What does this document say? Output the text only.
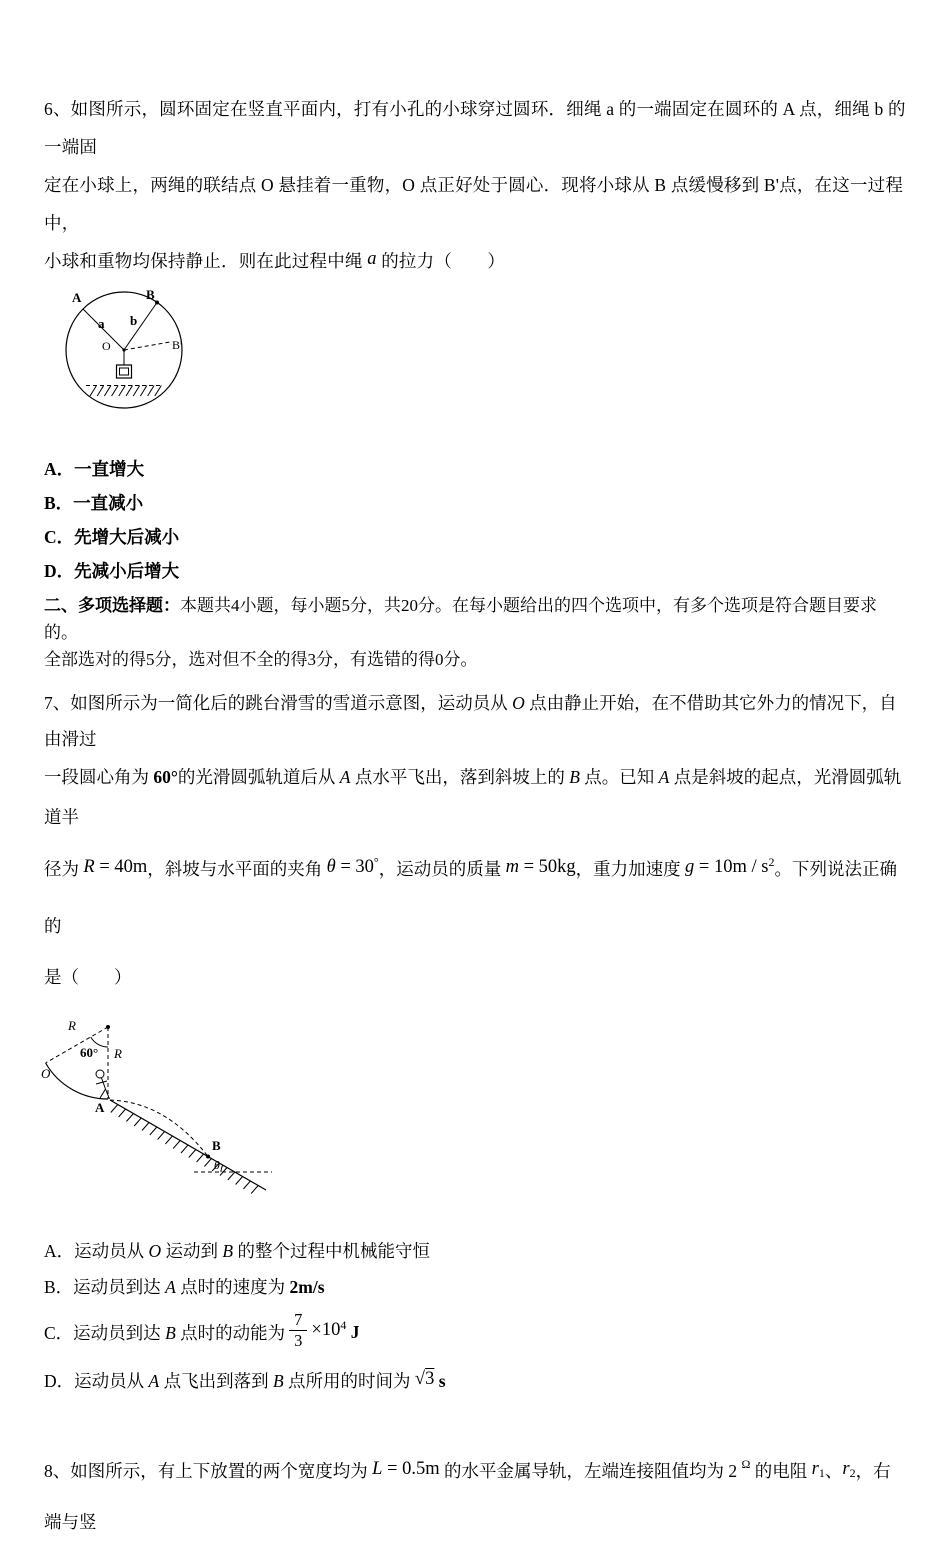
6、如图所示，圆环固定在竖直平面内，打有小孔的小球穿过圆环．细绳 a 的一端固定在圆环的 A 点，细绳 b 的一端固
定在小球上，两绳的联结点 O 悬挂着一重物，O 点正好处于圆心．现将小球从 B 点缓慢移到 B'点，在这一过程中，
小球和重物均保持静止．则在此过程中绳 a 的拉力（　　）
A	B
a b
O	B′
A．一直增大
B．一直减小
C．先增大后减小
D．先减小后增大
二、多项选择题：本题共4小题，每小题5分，共20分。在每小题给出的四个选项中，有多个选项是符合题目要求的。
全部选对的得5分，选对但不全的得3分，有选错的得0分。
7、如图所示为一简化后的跳台滑雪的雪道示意图，运动员从 O 点由静止开始，在不借助其它外力的情况下，自由滑过
一段圆心角为 60°的光滑圆弧轨道后从 A 点水平飞出，落到斜坡上的 B 点。已知 A 点是斜坡的起点，光滑圆弧轨道半
径为 R = 40m，斜坡与水平面的夹角 θ = 30°，运动员的质量 m = 50kg，重力加速度 $g = 10m / s^2$。下列说法正确的
是（　　）
R
60° R
O
A
B
θ
A．运动员从 O 运动到 B 的整个过程中机械能守恒
B．运动员到达 A 点时的速度为 2m/s
C．运动员到达 B 点时的动能为 $\frac{7}{3} \times 10^4$ J
D．运动员从 A 点飞出到落到 B 点所用的时间为 √3 s
8、如图所示，有上下放置的两个宽度均为 L = 0.5m 的水平金属导轨，左端连接阻值均为 2 $^\Omega$ 的电阻 $r_1$、$r_2$，右端与竖
